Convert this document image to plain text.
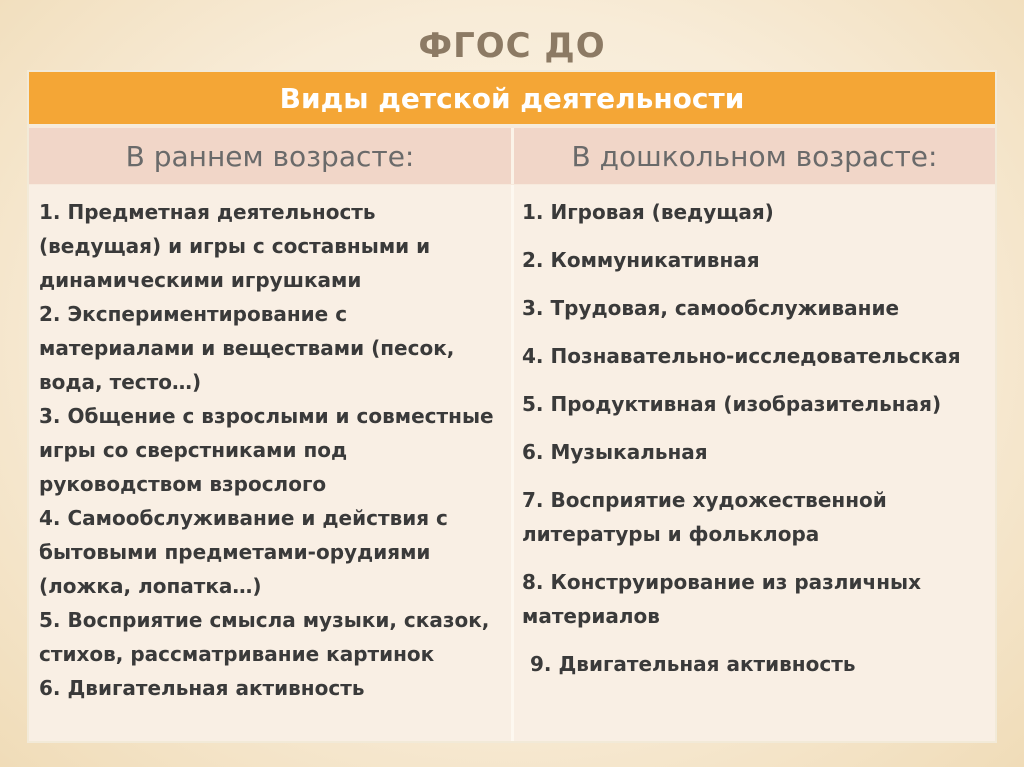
ФГОС ДО
Виды детской деятельности
В раннем возрасте:	В дошкольном возрасте:
1. Предметная деятельность (ведущая) и игры с составными и динамическими игрушками
2. Экспериментирование с материалами и веществами (песок, вода, тесто…)
3. Общение с взрослыми и совместные игры со сверстниками под руководством взрослого
4. Самообслуживание и действия с бытовыми предметами-орудиями (ложка, лопатка…)
5. Восприятие смысла музыки, сказок, стихов, рассматривание картинок
6. Двигательная активность
1. Игровая (ведущая)
2. Коммуникативная
3. Трудовая, самообслуживание
4. Познавательно-исследовательская
5. Продуктивная (изобразительная)
6. Музыкальная
7. Восприятие художественной литературы и фольклора
8. Конструирование из различных материалов
9. Двигательная активность
